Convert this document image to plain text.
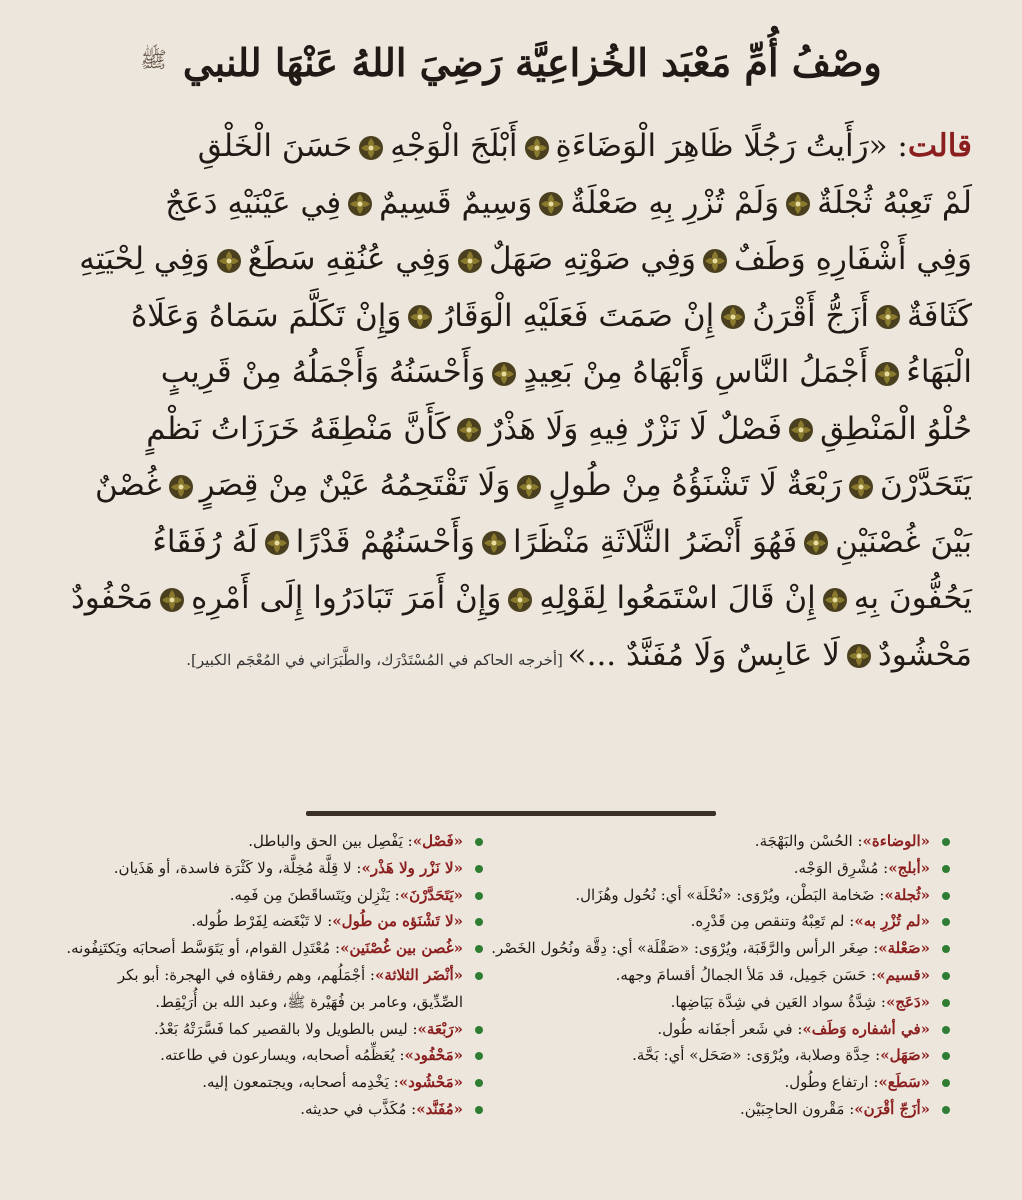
وصْفُ أُمِّ مَعْبَد الخُزاعِيَّة رَضِيَ اللهُ عَنْهَا للنبي
ﷺ
قالت: «رَأَيتُ رَجُلًا ظَاهِرَ الْوَضَاءَةِأَبْلَجَ الْوَجْهِحَسَنَ الْخَلْقِ
لَمْ تَعِبْهُ ثُجْلَةٌوَلَمْ تُزْرِ بِهِ صَعْلَةٌوَسِيمٌ قَسِيمٌفِي عَيْنَيْهِ دَعَجٌ
وَفِي أَشْفَارِهِ وَطَفٌوَفِي صَوْتِهِ صَهَلٌوَفِي عُنُقِهِ سَطَعٌوَفِي لِحْيَتِهِ
كَثَافَةٌأَزَجُّ أَقْرَنُإِنْ صَمَتَ فَعَلَيْهِ الْوَقَارُوَإِنْ تَكَلَّمَ سَمَاهُ وَعَلَاهُ
الْبَهَاءُأَجْمَلُ النَّاسِ وَأَبْهَاهُ مِنْ بَعِيدٍوَأَحْسَنُهُ وَأَجْمَلُهُ مِنْ قَرِيبٍ
حُلْوُ الْمَنْطِقِفَصْلٌ لَا نَزْرٌ فِيهِ وَلَا هَذْرٌكَأَنَّ مَنْطِقَهُ خَرَزَاتُ نَظْمٍ
يَتَحَدَّرْنَرَبْعَةٌ لَا تَشْنَؤُهُ مِنْ طُولٍوَلَا تَقْتَحِمُهُ عَيْنٌ مِنْ قِصَرٍغُصْنٌ
بَيْنَ غُصْنَيْنِفَهُوَ أَنْضَرُ الثَّلَاثَةِ مَنْظَرًاوَأَحْسَنُهُمْ قَدْرًالَهُ رُفَقَاءُ
يَحُفُّونَ بِهِإِنْ قَالَ اسْتَمَعُوا لِقَوْلِهِوَإِنْ أَمَرَ تَبَادَرُوا إِلَى أَمْرِهِمَحْفُودٌ
مَحْشُودٌلَا عَابِسٌ وَلَا مُفَنَّدٌ ...» [أخرجه الحاكم في المُسْتَدْرَك، والطَّبَرَاني في المُعْجَم الكبير].
«الوضاءة»: الحُسْن والبَهْجَة.
«أبلج»: مُشْرِق الوَجْه.
«ثُجلة»: ضَخامة البَطْن، ويُرْوَى: «نُحْلَة» أي: نُحُول وهُزَال.
«لم تُزْرِ به»: لم تَعِبْهُ وتنقص مِن قَدْرِه.
«صَعْلة»: صِغَر الرأس والرَّقَبَة، ويُرْوَى: «صَقْلَة» أي: دِقَّة ونُحُول الخَصْر.
«قسيم»: حَسَن جَمِيل، قد مَلأ الجمالُ أقسامَ وجهه.
«دَعَج»: شِدَّةُ سواد العَين في شِدَّة بَيَاضِها.
«في أشفاره وَطَف»: في شَعر أجفَانه طُول.
«صَهَل»: حِدَّة وصلابة، ويُرْوَى: «صَحَل» أي: بَحَّة.
«سَطَع»: ارتفاع وطُول.
«أزَجّ أقْرَن»: مَقْرون الحاجِبَيْن.
«فَصْل»: يَفْصِل بين الحق والباطل.
«لا نَزْر ولا هَذْر»: لا قِلَّة مُخِلَّة، ولا كَثْرَة فاسدة، أو هَذَيان.
«يَتَحَدَّرْنَ»: يَنْزِلن ويَتَساقَطنَ مِن فَمِه.
«لا تَشْنَؤه من طُول»: لا تَبْغَضه لِفَرْط طُوله.
«غُصن بين غُصْنَين»: مُعْتَدِل القوام، أو يَتَوَسَّط أصحابَه ويَكتَنِفُونه.
«أنْضَر الثلاثة»: أجْمَلُهم، وهم رفقاؤه في الهجرة: أبو بكر
الصِّدِّيق، وعامر بن فُهَيْرة ﷺ، وعبد الله بن أُرَيْقِط.
«رَبْعَة»: ليس بالطويل ولا بالقصير كما فَسَّرَتْهُ بَعْدُ.
«مَحْفُود»: يُعَظِّمُه أصحابه، ويسارعون في طاعته.
«مَحْشُود»: يَخْدِمه أصحابه، ويجتمعون إليه.
«مُفَنَّد»: مُكَذَّب في حديثه.
